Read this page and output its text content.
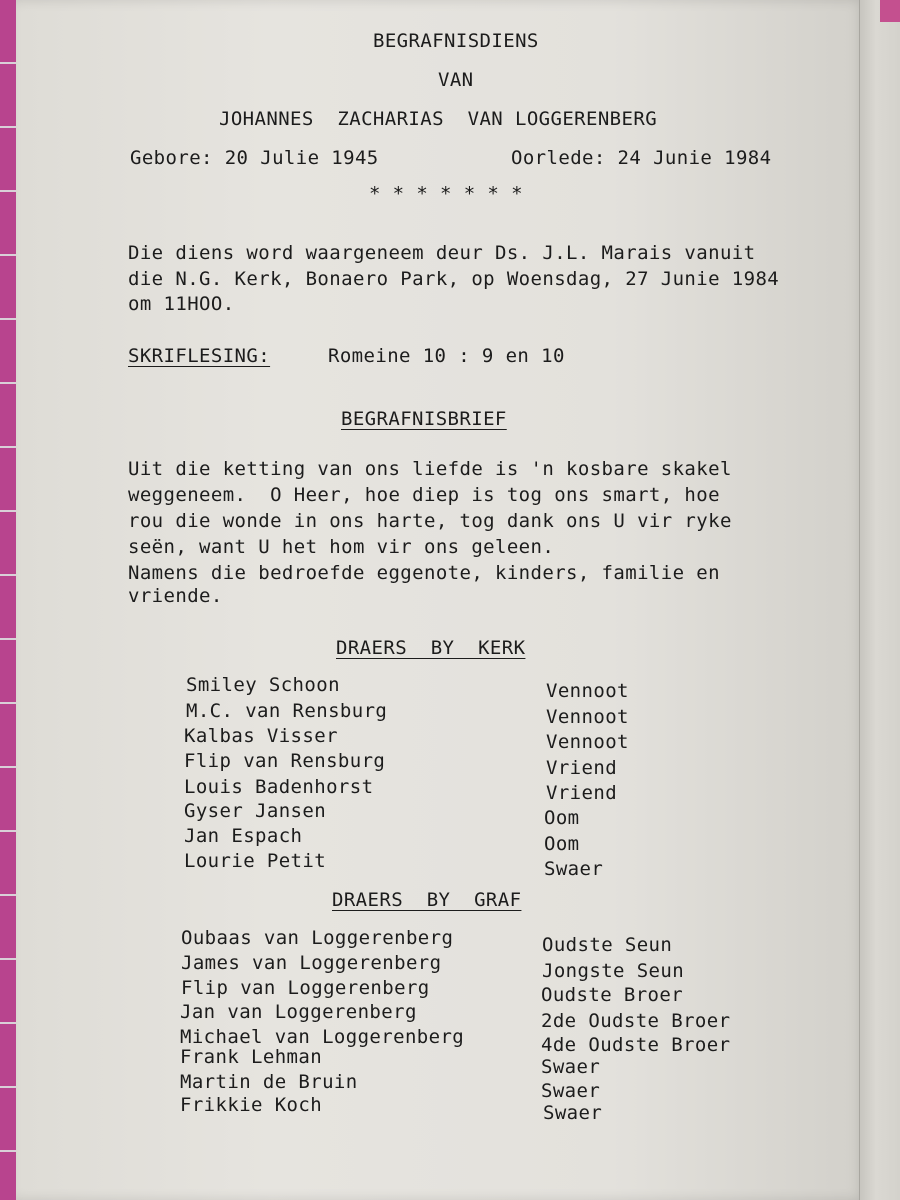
BEGRAFNISDIENS
VAN
JOHANNES  ZACHARIAS  VAN LOGGERENBERG
Gebore: 20 Julie 1945	Oorlede: 24 Junie 1984
* * * * * * *
Die diens word waargeneem deur Ds. J.L. Marais vanuit
die N.G. Kerk, Bonaero Park, op Woensdag, 27 Junie 1984
om 11HOO.
SKRIFLESING:	Romeine 10 : 9 en 10
BEGRAFNISBRIEF
Uit die ketting van ons liefde is 'n kosbare skakel
weggeneem.  O Heer, hoe diep is tog ons smart, hoe
rou die wonde in ons harte, tog dank ons U vir ryke
seën, want U het hom vir ons geleen.
Namens die bedroefde eggenote, kinders, familie en
vriende.
DRAERS  BY  KERK
Smiley Schoon	Vennoot
M.C. van Rensburg	Vennoot
Kalbas Visser	Vennoot
Flip van Rensburg	Vriend
Louis Badenhorst	Vriend
Gyser Jansen	Oom
Jan Espach	Oom
Lourie Petit	Swaer
DRAERS  BY  GRAF
Oubaas van Loggerenberg	Oudste Seun
James van Loggerenberg	Jongste Seun
Flip van Loggerenberg	Oudste Broer
Jan van Loggerenberg	2de Oudste Broer
Michael van Loggerenberg	4de Oudste Broer
Frank Lehman	Swaer
Martin de Bruin	Swaer
Frikkie Koch	Swaer
